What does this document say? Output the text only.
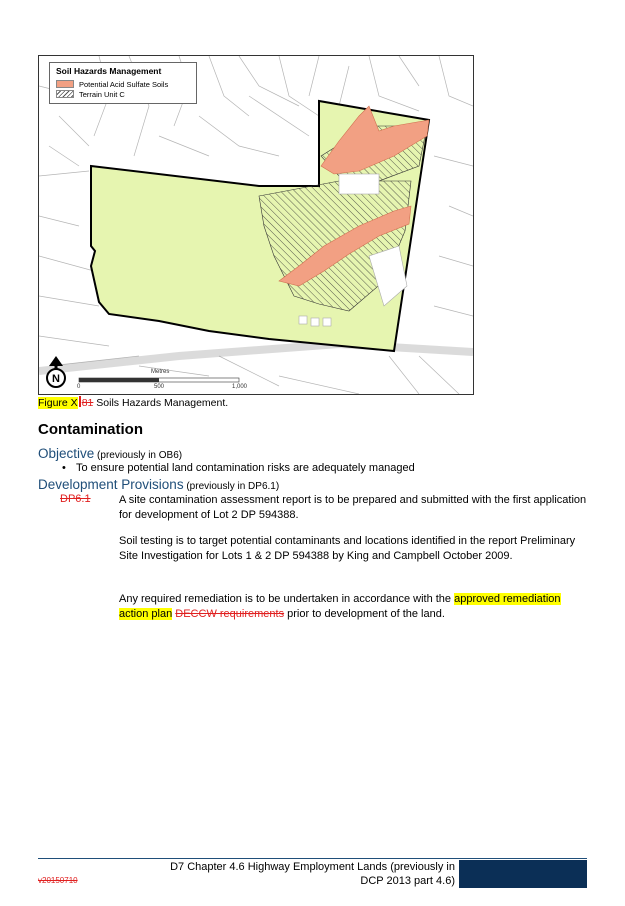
Soil Hazards Management
Potential Acid Sulfate Soils
Terrain Unit C
N
Metres
0	500	1,000
Figure X 81 Soils Hazards Management.
Contamination
Objective (previously in OB6)
• To ensure potential land contamination risks are adequately managed
Development Provisions (previously in DP6.1)
DP6.1	A site contamination assessment report is to be prepared and submitted with the first application for development of Lot 2 DP 594388.
Soil testing is to target potential contaminants and locations identified in the report Preliminary Site Investigation for Lots 1 & 2 DP 594388 by King and Campbell October 2009.
Any required remediation is to be undertaken in accordance with the approved remediation action plan DECCW requirements prior to development of the land.
D7 Chapter 4.6 Highway Employment Lands (previously in DCP 2013 part 4.6)
v20150710
